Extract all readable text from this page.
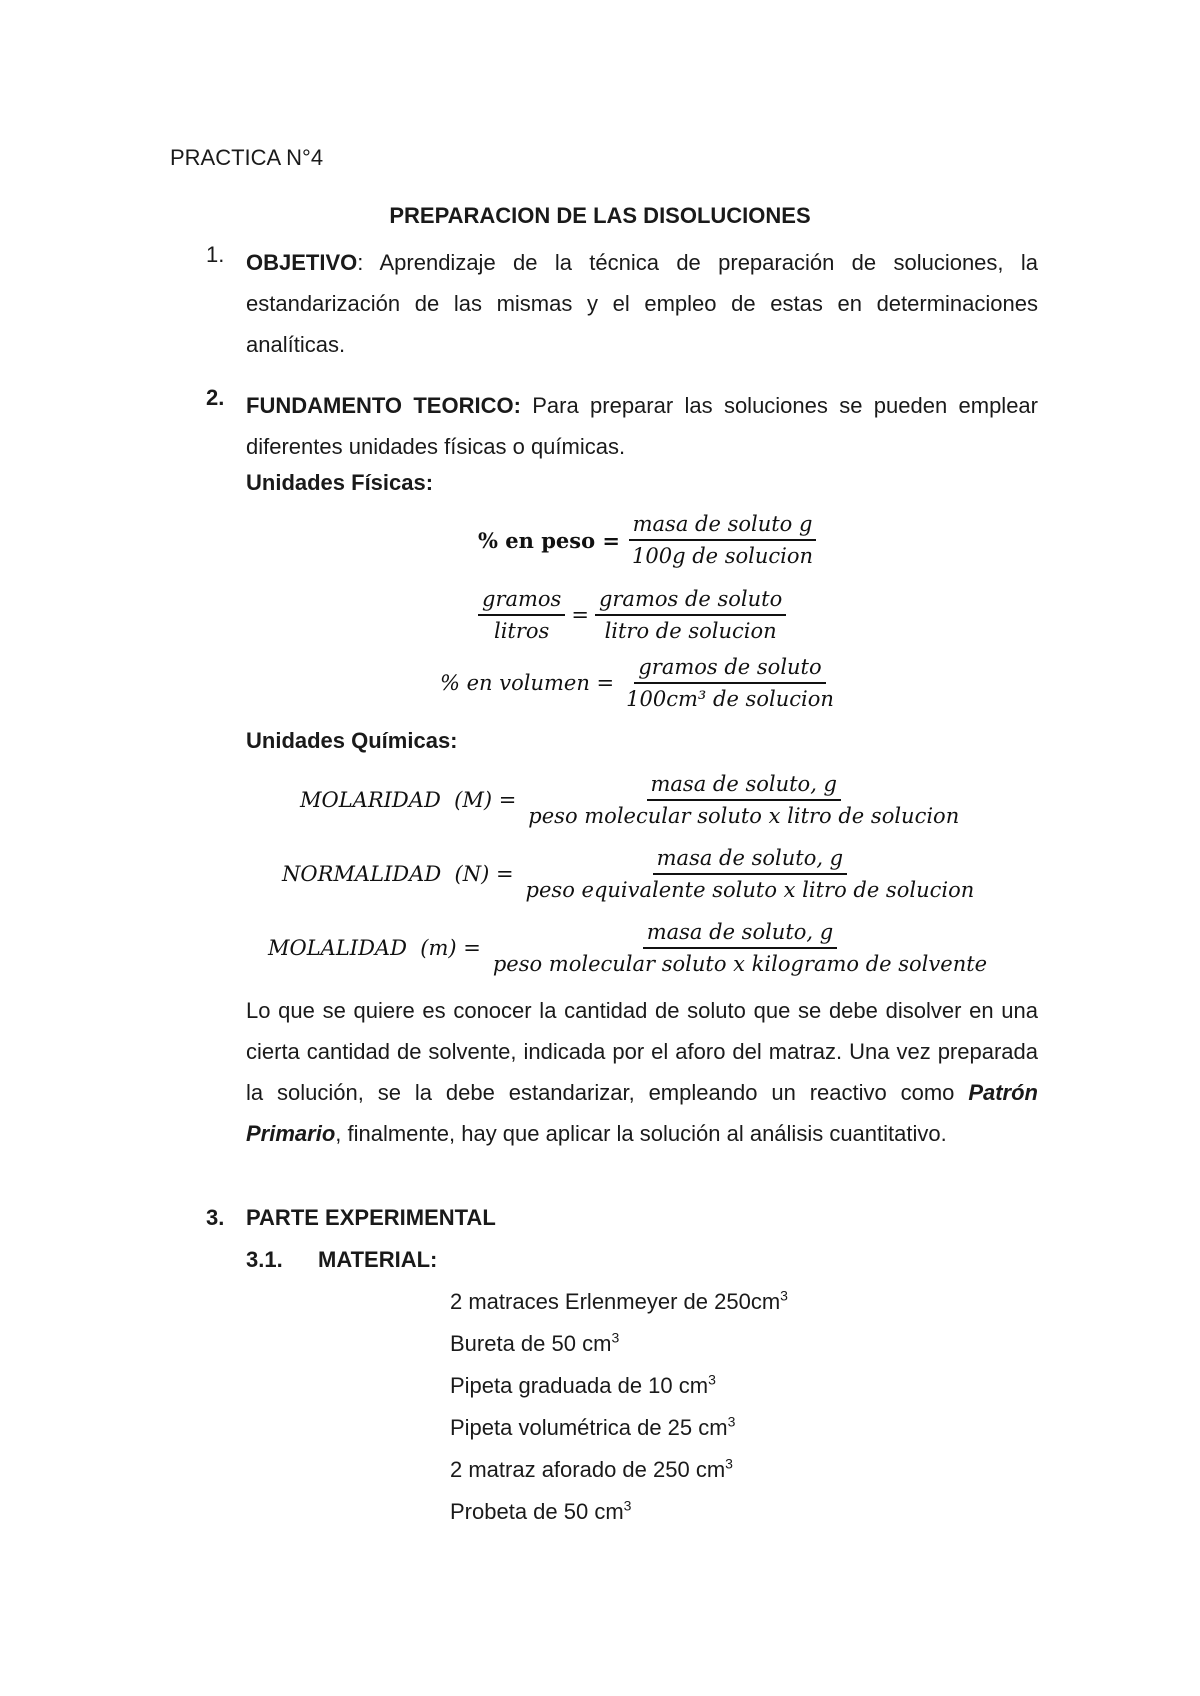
PRACTICA N°4
PREPARACION DE LAS DISOLUCIONES
1. OBJETIVO: Aprendizaje de la técnica de preparación de soluciones, la estandarización de las mismas y el empleo de estas en determinaciones analíticas.
2. FUNDAMENTO TEORICO: Para preparar las soluciones se pueden emplear diferentes unidades físicas o químicas.
Unidades Físicas:
% en peso = $\frac{\text{masa de soluto g}}{\text{100g de solucion}}$
$\frac{\text{gramos}}{\text{litros}} = \frac{\text{gramos de soluto}}{\text{litro de solucion}}$
% en volumen = $\frac{\text{gramos de soluto}}{\text{100cm³ de solucion}}$
Unidades Químicas:
MOLARIDAD  $(M) = \frac{\text{masa de soluto, g}}{\text{peso molecular soluto x litro de solucion}}$
NORMALIDAD  $(N) = \frac{\text{masa de soluto, g}}{\text{peso equivalente soluto x litro de solucion}}$
MOLALIDAD  $(m) = \frac{\text{masa de soluto, g}}{\text{peso molecular soluto x kilogramo de solvente}}$
Lo que se quiere es conocer la cantidad de soluto que se debe disolver en una cierta cantidad de solvente, indicada por el aforo del matraz. Una vez preparada la solución, se la debe estandarizar, empleando un reactivo como Patrón Primario, finalmente, hay que aplicar la solución al análisis cuantitativo.
3. PARTE EXPERIMENTAL
3.1. MATERIAL:
2 matraces Erlenmeyer de $250cm^3$
Bureta de 50 $cm^3$
Pipeta graduada de 10 $cm^3$
Pipeta volumétrica de 25 $cm^3$
2 matraz aforado de 250 $cm^3$
Probeta de 50 $cm^3$
